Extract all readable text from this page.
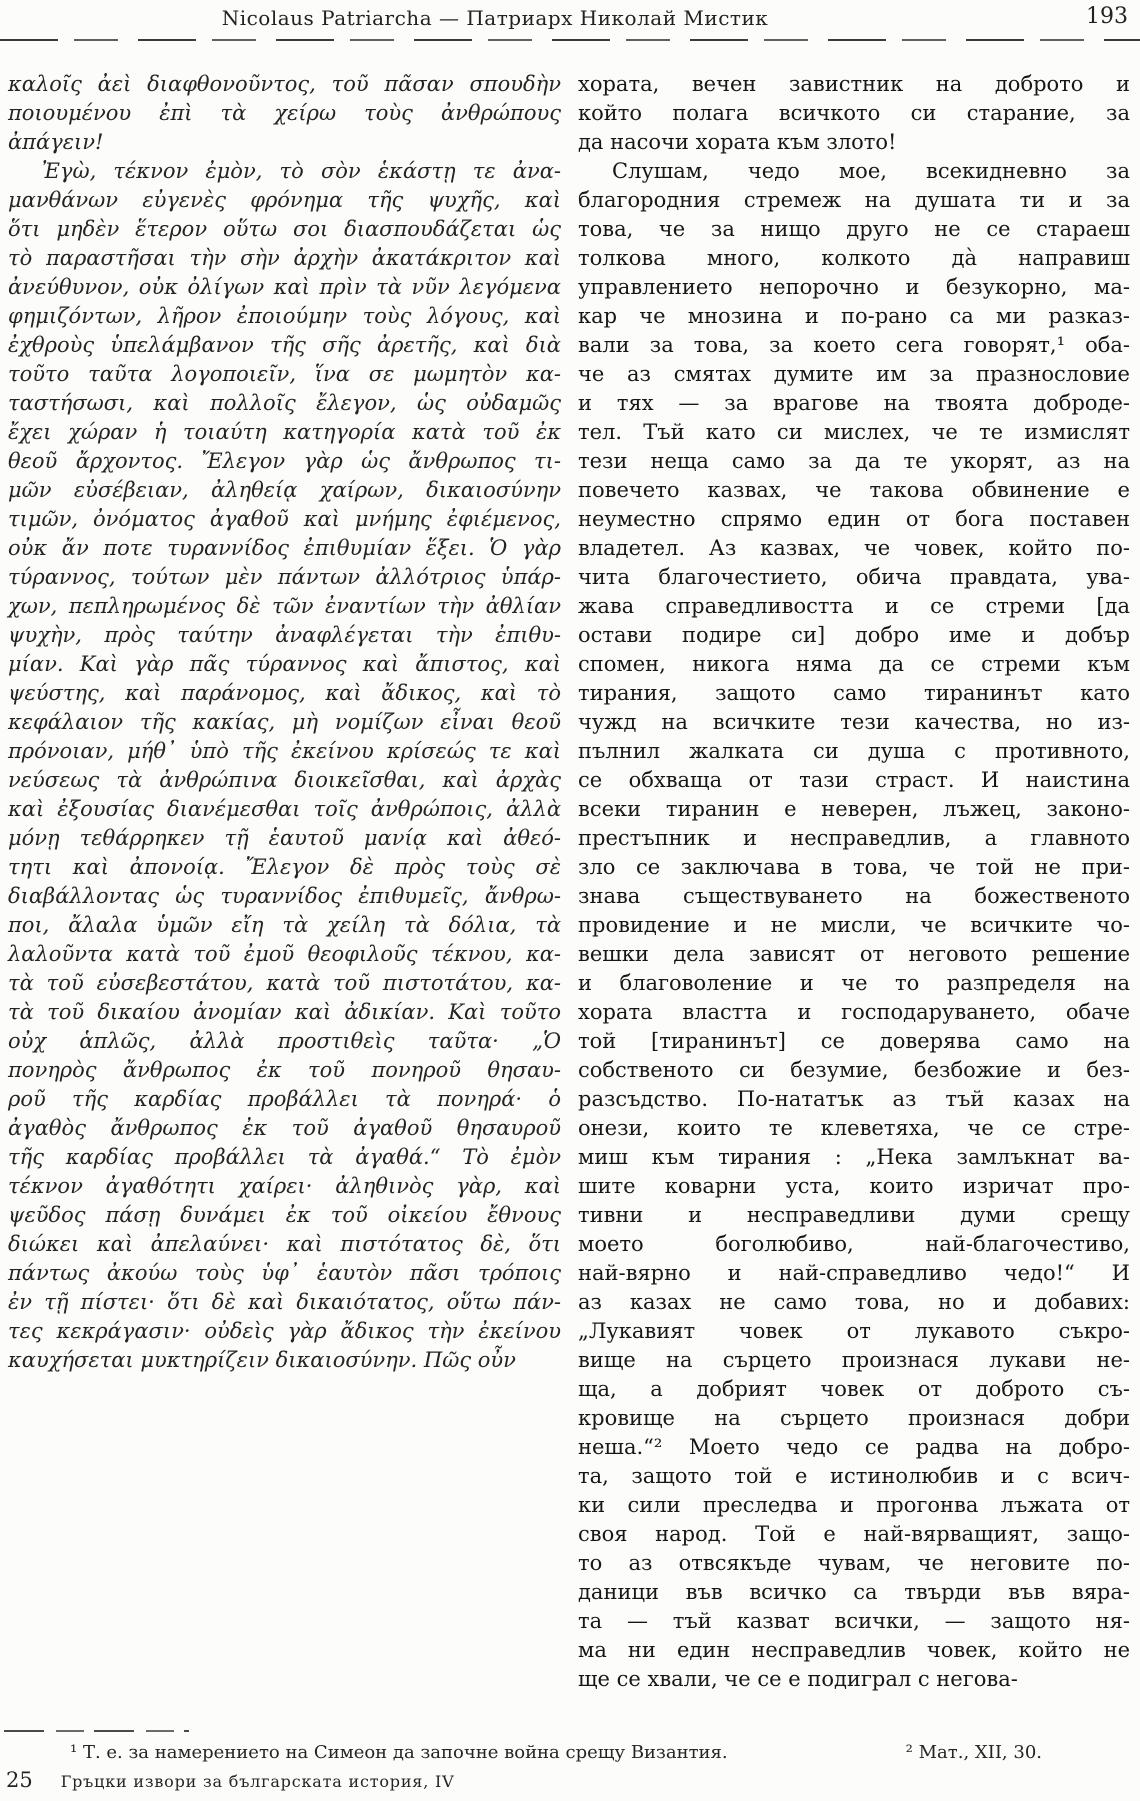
Nicolaus Patriarcha — Патриарх Николай Мистик	193
καλοῖς ἀεὶ διαφθονοῦντος, τοῦ πᾶσαν σπουδὴν
ποιουμένου ἐπὶ τὰ χείρω τοὺς ἀνθρώπους
ἀπάγειν!
Ἐγὼ, τέκνον ἐμὸν, τὸ σὸν ἑκάστῃ τε ἀνα-
μανθάνων εὐγενὲς φρόνημα τῆς ψυχῆς, καὶ
ὅτι μηδὲν ἕτερον οὕτω σοι διασπουδάζεται ὡς
τὸ παραστῆσαι τὴν σὴν ἀρχὴν ἀκατάκριτον καὶ
ἀνεύθυνον, οὐκ ὀλίγων καὶ πρὶν τὰ νῦν λεγόμενα
φημιζόντων, λῆρον ἐποιούμην τοὺς λόγους, καὶ
ἐχθροὺς ὑπελάμβανον τῆς σῆς ἀρετῆς, καὶ διὰ
τοῦτο ταῦτα λογοποιεῖν, ἵνα σε μωμητὸν κα-
ταστήσωσι, καὶ πολλοῖς ἔλεγον, ὡς οὐδαμῶς
ἔχει χώραν ἡ τοιαύτη κατηγορία κατὰ τοῦ ἐκ
θεοῦ ἄρχοντος. Ἔλεγον γὰρ ὡς ἄνθρωπος τι-
μῶν εὐσέβειαν, ἀληθείᾳ χαίρων, δικαιοσύνην
τιμῶν, ὀνόματος ἀγαθοῦ καὶ μνήμης ἐφιέμενος,
οὐκ ἄν ποτε τυραννίδος ἐπιθυμίαν ἕξει. Ὁ γὰρ
τύραννος, τούτων μὲν πάντων ἀλλότριος ὑπάρ-
χων, πεπληρωμένος δὲ τῶν ἐναντίων τὴν ἀθλίαν
ψυχὴν, πρὸς ταύτην ἀναφλέγεται τὴν ἐπιθυ-
μίαν. Καὶ γὰρ πᾶς τύραννος καὶ ἄπιστος, καὶ
ψεύστης, καὶ παράνομος, καὶ ἄδικος, καὶ τὸ
κεφάλαιον τῆς κακίας, μὴ νομίζων εἶναι θεοῦ
πρόνοιαν, μήθ᾽ ὑπὸ τῆς ἐκείνου κρίσεώς τε καὶ
νεύσεως τὰ ἀνθρώπινα διοικεῖσθαι, καὶ ἀρχὰς
καὶ ἐξουσίας διανέμεσθαι τοῖς ἀνθρώποις, ἀλλὰ
μόνῃ τεθάρρηκεν τῇ ἑαυτοῦ μανίᾳ καὶ ἀθεό-
τητι καὶ ἀπονοίᾳ. Ἔλεγον δὲ πρὸς τοὺς σὲ
διαβάλλοντας ὡς τυραννίδος ἐπιθυμεῖς, ἄνθρω-
ποι, ἄλαλα ὑμῶν εἴη τὰ χείλη τὰ δόλια, τὰ
λαλοῦντα κατὰ τοῦ ἐμοῦ θεοφιλοῦς τέκνου, κα-
τὰ τοῦ εὐσεβεστάτου, κατὰ τοῦ πιστοτάτου, κα-
τὰ τοῦ δικαίου ἀνομίαν καὶ ἀδικίαν. Καὶ τοῦτο
οὐχ ἁπλῶς, ἀλλὰ προστιθεὶς ταῦτα· „Ὁ
πονηρὸς ἄνθρωπος ἐκ τοῦ πονηροῦ θησαυ-
ροῦ τῆς καρδίας προβάλλει τὰ πονηρά· ὁ
ἀγαθὸς ἄνθρωπος ἐκ τοῦ ἀγαθοῦ θησαυροῦ
τῆς καρδίας προβάλλει τὰ ἀγαθά.“ Τὸ ἐμὸν
τέκνον ἀγαθότητι χαίρει· ἀληθινὸς γὰρ, καὶ
ψεῦδος πάσῃ δυνάμει ἐκ τοῦ οἰκείου ἔθνους
διώκει καὶ ἀπελαύνει· καὶ πιστότατος δὲ, ὅτι
πάντως ἀκούω τοὺς ὑφ᾽ ἑαυτὸν πᾶσι τρόποις
ἐν τῇ πίστει· ὅτι δὲ καὶ δικαιότατος, οὕτω πάν-
τες κεκράγασιν· οὐδεὶς γὰρ ἄδικος τὴν ἐκείνου
καυχήσεται μυκτηρίζειν δικαιοσύνην. Πῶς οὖν
хората, вечен завистник на доброто и
който полага всичкото си старание, за
да насочи хората към злото!
Слушам, чедо мое, всекидневно за
благородния стремеж на душата ти и за
това, че за нищо друго не се стараеш
толкова много, колкото да̀ направиш
управлението непорочно и безукорно, ма-
кар че мнозина и по-рано са ми разказ-
вали за това, за което сега говорят,¹ оба-
че аз смятах думите им за празнословие
и тях — за врагове на твоята доброде-
тел. Тъй като си мислех, че те измислят
тези неща само за да те укорят, аз на
повечето казвах, че такова обвинение е
неуместно спрямо един от бога поставен
владетел. Аз казвах, че човек, който по-
чита благочестието, обича правдата, ува-
жава справедливостта и се стреми [да
остави подире си] добро име и добър
спомен, никога няма да се стреми към
тирания, защото само тиранинът като
чужд на всичките тези качества, но из-
пълнил жалката си душа с противното,
се обхваща от тази страст. И наистина
всеки тиранин е неверен, лъжец, законо-
престъпник и несправедлив, а главното
зло се заключава в това, че той не при-
знава съществуването на божественото
провидение и не мисли, че всичките чо-
вешки дела зависят от неговото решение
и благоволение и че то разпределя на
хората властта и господаруването, обаче
той [тиранинът] се доверява само на
собственото си безумие, безбожие и без-
разсъдство. По-нататък аз тъй казах на
онези, които те клеветяха, че се стре-
миш към тирания : „Нека замлъкнат ва-
шите коварни уста, които изричат про-
тивни и несправедливи думи срещу
моето боголюбиво, най-благочестиво,
най-вярно и най-справедливо чедо!“ И
аз казах не само това, но и добавих:
„Лукавият човек от лукавото съкро-
вище на сърцето произнася лукави не-
ща, а добрият човек от доброто съ-
кровище на сърцето произнася добри
неша.“² Моето чедо се радва на добро-
та, защото той е истинолюбив и с всич-
ки сили преследва и прогонва лъжата от
своя народ. Той е най-вярващият, защо-
то аз отвсякъде чувам, че неговите по-
даници във всичко са твърди във вяра-
та — тъй казват всички, — защото ня-
ма ни един несправедлив човек, който не
ще се хвали, че се е подиграл с негова-
¹ Т. е. за намерението на Симеон да започне война срещу Византия.	² Мат., XII, 30.
25 Гръцки извори за българската история, IV
